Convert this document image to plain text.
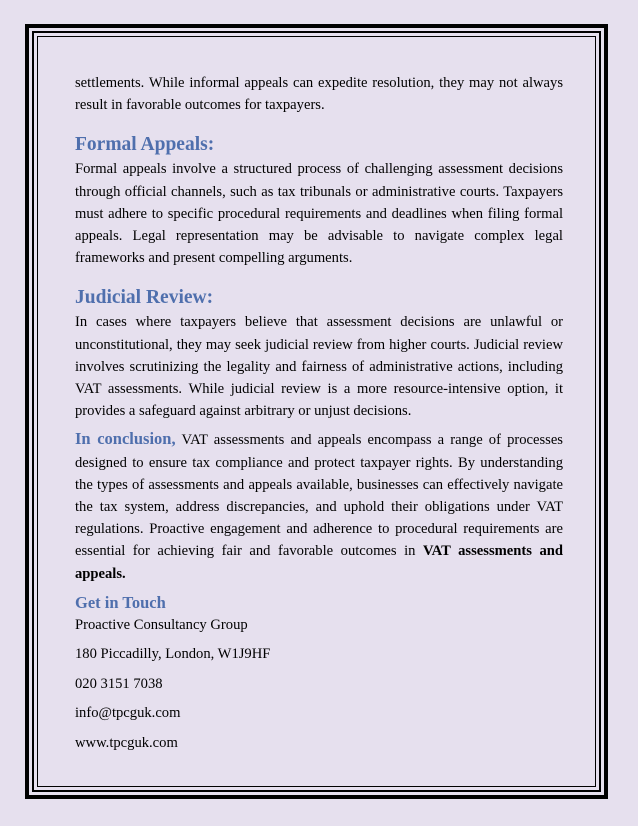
settlements. While informal appeals can expedite resolution, they may not always result in favorable outcomes for taxpayers.

Formal Appeals:

Formal appeals involve a structured process of challenging assessment decisions through official channels, such as tax tribunals or administrative courts. Taxpayers must adhere to specific procedural requirements and deadlines when filing formal appeals. Legal representation may be advisable to navigate complex legal frameworks and present compelling arguments.

Judicial Review:

In cases where taxpayers believe that assessment decisions are unlawful or unconstitutional, they may seek judicial review from higher courts. Judicial review involves scrutinizing the legality and fairness of administrative actions, including VAT assessments. While judicial review is a more resource-intensive option, it provides a safeguard against arbitrary or unjust decisions.

In conclusion, VAT assessments and appeals encompass a range of processes designed to ensure tax compliance and protect taxpayer rights. By understanding the types of assessments and appeals available, businesses can effectively navigate the tax system, address discrepancies, and uphold their obligations under VAT regulations. Proactive engagement and adherence to procedural requirements are essential for achieving fair and favorable outcomes in VAT assessments and appeals.

Get in Touch

Proactive Consultancy Group

180 Piccadilly, London, W1J9HF

020 3151 7038

info@tpcguk.com

www.tpcguk.com
